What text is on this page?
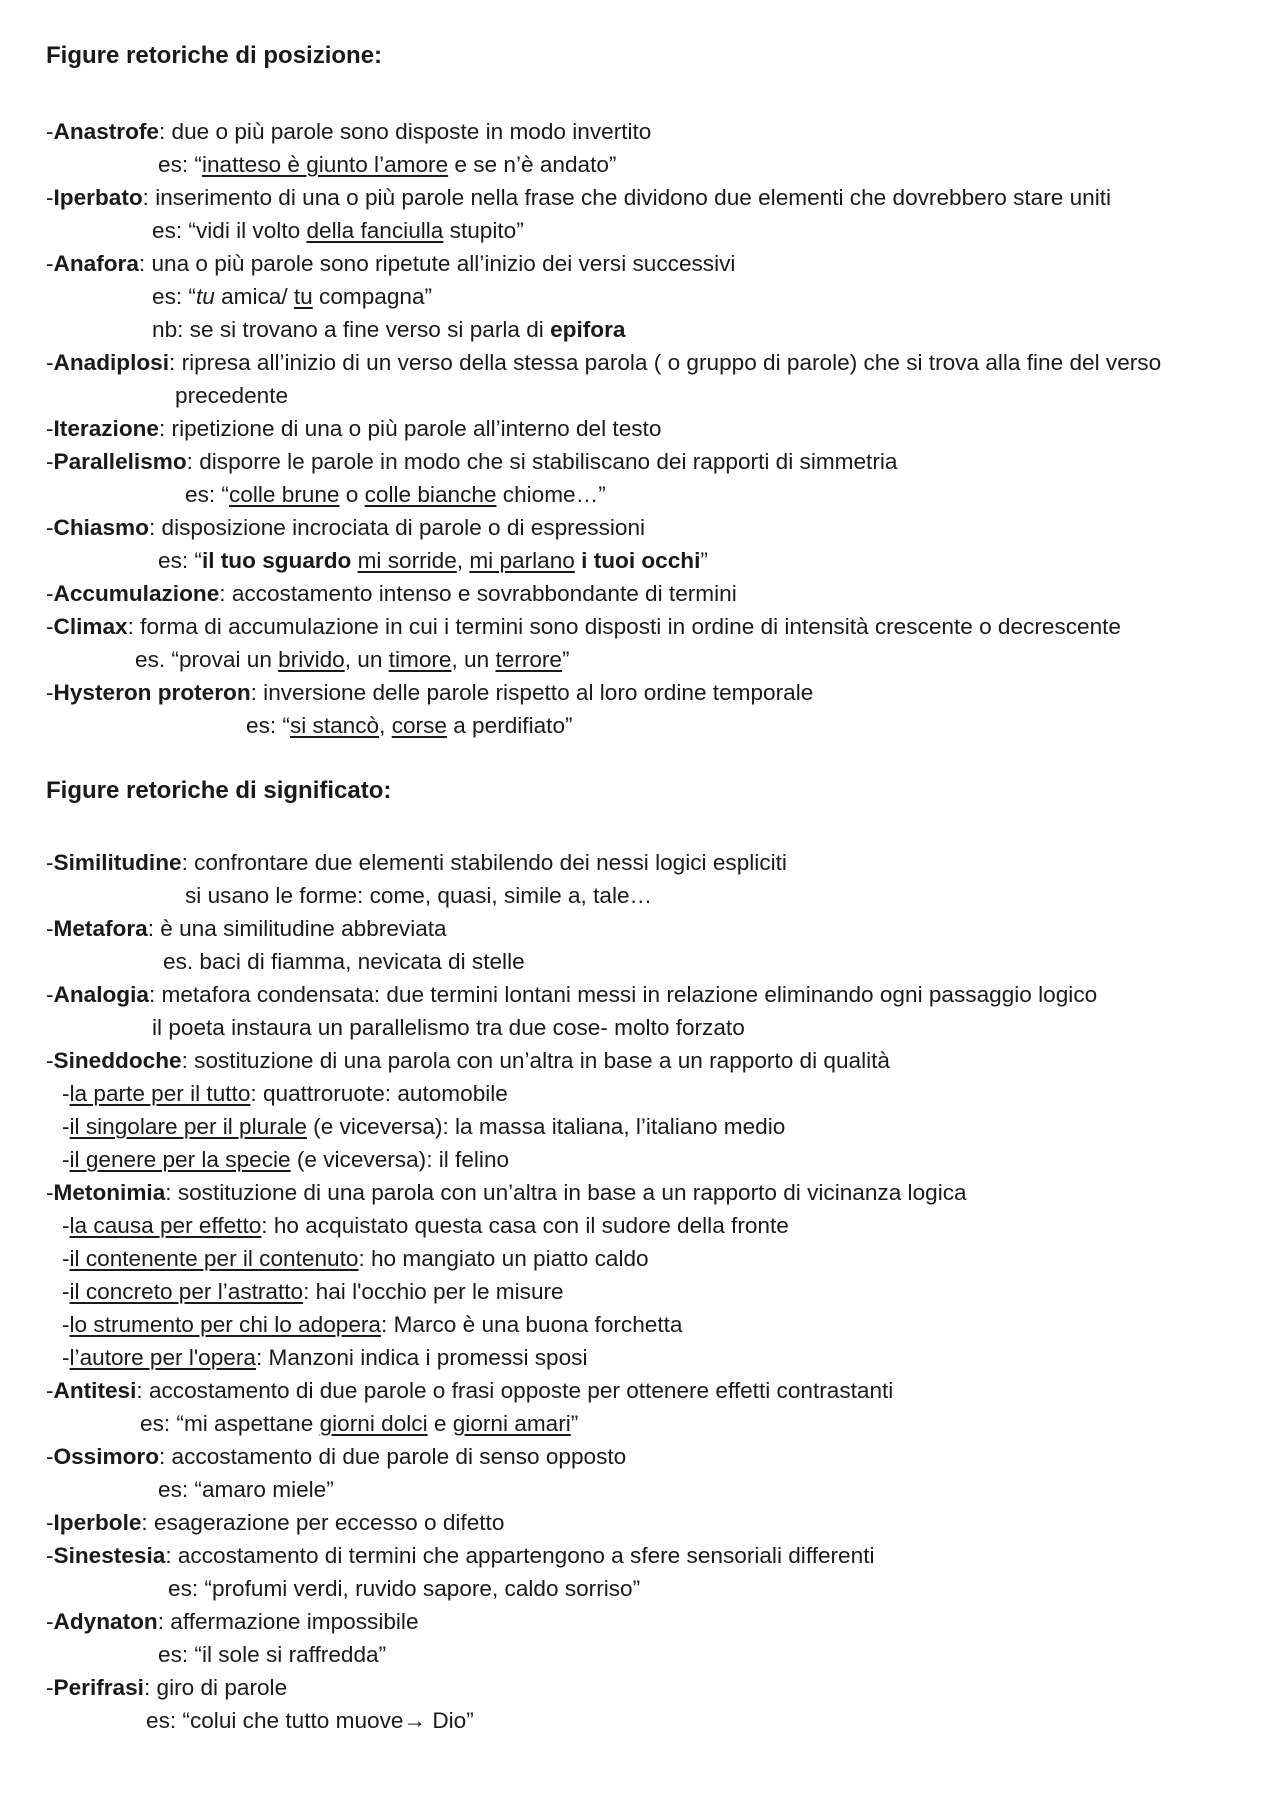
Figure retoriche di posizione:
-Anastrofe: due o più parole sono disposte in modo invertito
es: “inatteso è giunto l’amore e se n’è andato”
-Iperbato: inserimento di una o più parole nella frase che dividono due elementi che dovrebbero stare uniti
es: “vidi il volto della fanciulla stupito”
-Anafora: una o più parole sono ripetute all’inizio dei versi successivi
es: “tu amica/ tu compagna”
nb: se si trovano a fine verso si parla di epifora
-Anadiplosi: ripresa all’inizio di un verso della stessa parola ( o gruppo di parole) che si trova alla fine del verso
precedente
-Iterazione: ripetizione di una o più parole all’interno del testo
-Parallelismo: disporre le parole in modo che si stabiliscano dei rapporti di simmetria
es: “colle brune o colle bianche chiome…”
-Chiasmo: disposizione incrociata di parole o di espressioni
es: “il tuo sguardo mi sorride, mi parlano i tuoi occhi”
-Accumulazione: accostamento intenso e sovrabbondante di termini
-Climax: forma di accumulazione in cui i termini sono disposti in ordine di intensità crescente o decrescente
es. “provai un brivido, un timore, un terrore”
-Hysteron proteron: inversione delle parole rispetto al loro ordine temporale
es: “si stancò, corse a perdifiato”
Figure retoriche di significato:
-Similitudine: confrontare due elementi stabilendo dei nessi logici espliciti
si usano le forme: come, quasi, simile a, tale…
-Metafora: è una similitudine abbreviata
es. baci di fiamma, nevicata di stelle
-Analogia: metafora condensata: due termini lontani messi in relazione eliminando ogni passaggio logico
il poeta instaura un parallelismo tra due cose- molto forzato
-Sineddoche: sostituzione di una parola con un’altra in base a un rapporto di qualità
-la parte per il tutto: quattroruote: automobile
-il singolare per il plurale (e viceversa): la massa italiana, l’italiano medio
-il genere per la specie (e viceversa): il felino
-Metonimia: sostituzione di una parola con un’altra in base a un rapporto di vicinanza logica
-la causa per effetto: ho acquistato questa casa con il sudore della fronte
-il contenente per il contenuto: ho mangiato un piatto caldo
-il concreto per l’astratto: hai l'occhio per le misure
-lo strumento per chi lo adopera: Marco è una buona forchetta
-l’autore per l'opera: Manzoni indica i promessi sposi
-Antitesi: accostamento di due parole o frasi opposte per ottenere effetti contrastanti
es: “mi aspettane giorni dolci e giorni amari”
-Ossimoro: accostamento di due parole di senso opposto
es: “amaro miele”
-Iperbole: esagerazione per eccesso o difetto
-Sinestesia: accostamento di termini che appartengono a sfere sensoriali differenti
es: “profumi verdi, ruvido sapore, caldo sorriso”
-Adynaton: affermazione impossibile
es: “il sole si raffredda”
-Perifrasi: giro di parole
es: “colui che tutto muove→ Dio”
